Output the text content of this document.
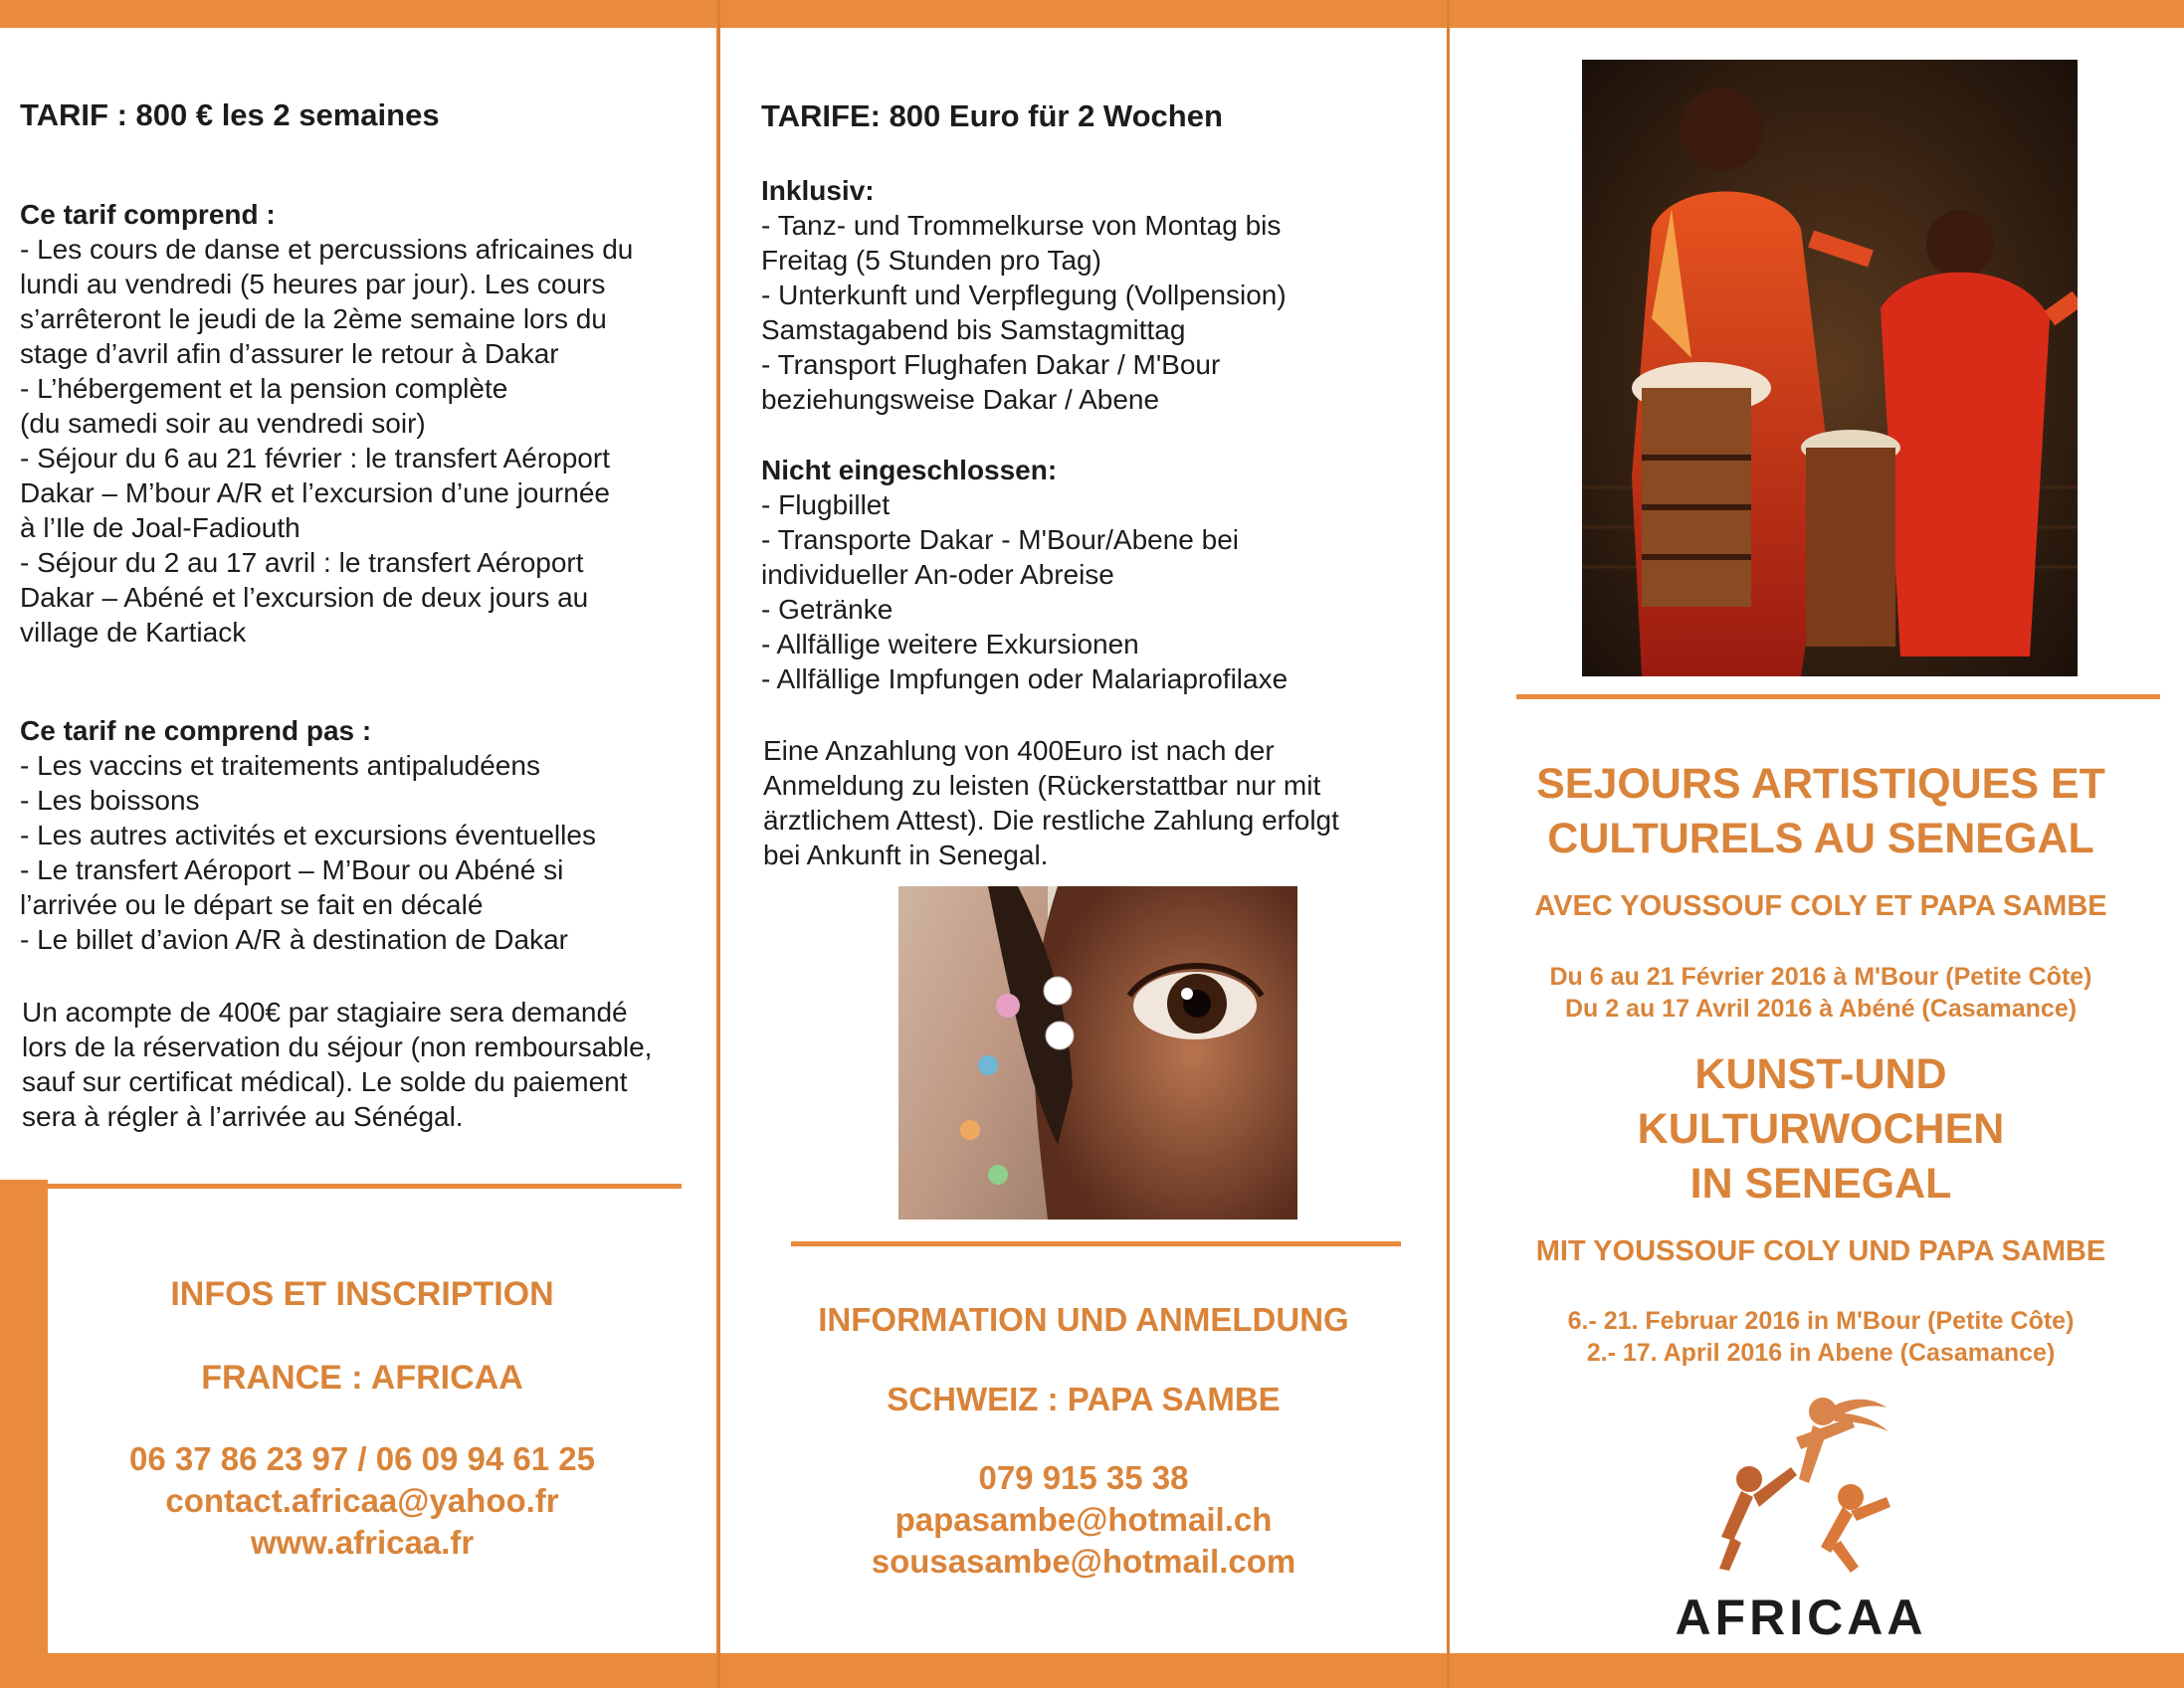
TARIF : 800 € les 2 semaines
Ce tarif comprend :
- Les cours de danse et percussions africaines du
lundi au vendredi (5 heures par jour). Les cours
s’arrêteront le jeudi de la 2ème semaine lors du
stage d’avril afin d’assurer le retour à Dakar
- L’hébergement et la pension complète
(du samedi soir au vendredi soir)
- Séjour du 6 au 21 février : le transfert Aéroport
Dakar – M’bour A/R et l’excursion d’une journée
à l’Ile de Joal-Fadiouth
- Séjour du 2 au 17 avril : le transfert Aéroport
Dakar – Abéné et l’excursion de deux jours au
village de Kartiack
Ce tarif ne comprend pas :
- Les vaccins et traitements antipaludéens
- Les boissons
- Les autres activités et excursions éventuelles
- Le transfert Aéroport – M’Bour ou Abéné si
l’arrivée ou le départ se fait en décalé
- Le billet d’avion A/R à destination de Dakar
Un acompte de 400€ par stagiaire sera demandé
lors de la réservation du séjour (non remboursable,
sauf sur certificat médical). Le solde du paiement
sera à régler à l’arrivée au Sénégal.
INFOS ET INSCRIPTION
FRANCE : AFRICAA
06 37 86 23 97 / 06 09 94 61 25
contact.africaa@yahoo.fr
www.africaa.fr
TARIFE: 800 Euro für 2 Wochen
Inklusiv:
- Tanz- und Trommelkurse von Montag bis
Freitag (5 Stunden pro Tag)
- Unterkunft und Verpflegung (Vollpension)
Samstagabend bis Samstagmittag
- Transport Flughafen Dakar / M'Bour
beziehungsweise Dakar / Abene
Nicht eingeschlossen:
- Flugbillet
- Transporte Dakar - M'Bour/Abene bei
individueller An-oder Abreise
- Getränke
- Allfällige weitere Exkursionen
- Allfällige Impfungen oder Malariaprofilaxe
Eine Anzahlung von 400Euro ist nach der
Anmeldung zu leisten (Rückerstattbar nur mit
ärztlichem Attest). Die restliche Zahlung erfolgt
bei Ankunft in Senegal.
INFORMATION UND ANMELDUNG
SCHWEIZ : PAPA SAMBE
079 915 35 38
papasambe@hotmail.ch
sousasambe@hotmail.com
SEJOURS ARTISTIQUES ET
CULTURELS AU SENEGAL
AVEC YOUSSOUF COLY ET PAPA SAMBE
Du 6 au 21 Février 2016 à M'Bour (Petite Côte)
Du 2 au 17 Avril 2016 à Abéné (Casamance)
KUNST-UND
KULTURWOCHEN
IN SENEGAL
MIT YOUSSOUF COLY UND PAPA SAMBE
6.- 21. Februar 2016 in M'Bour (Petite Côte)
2.- 17. April 2016 in Abene (Casamance)
AFRICAA
